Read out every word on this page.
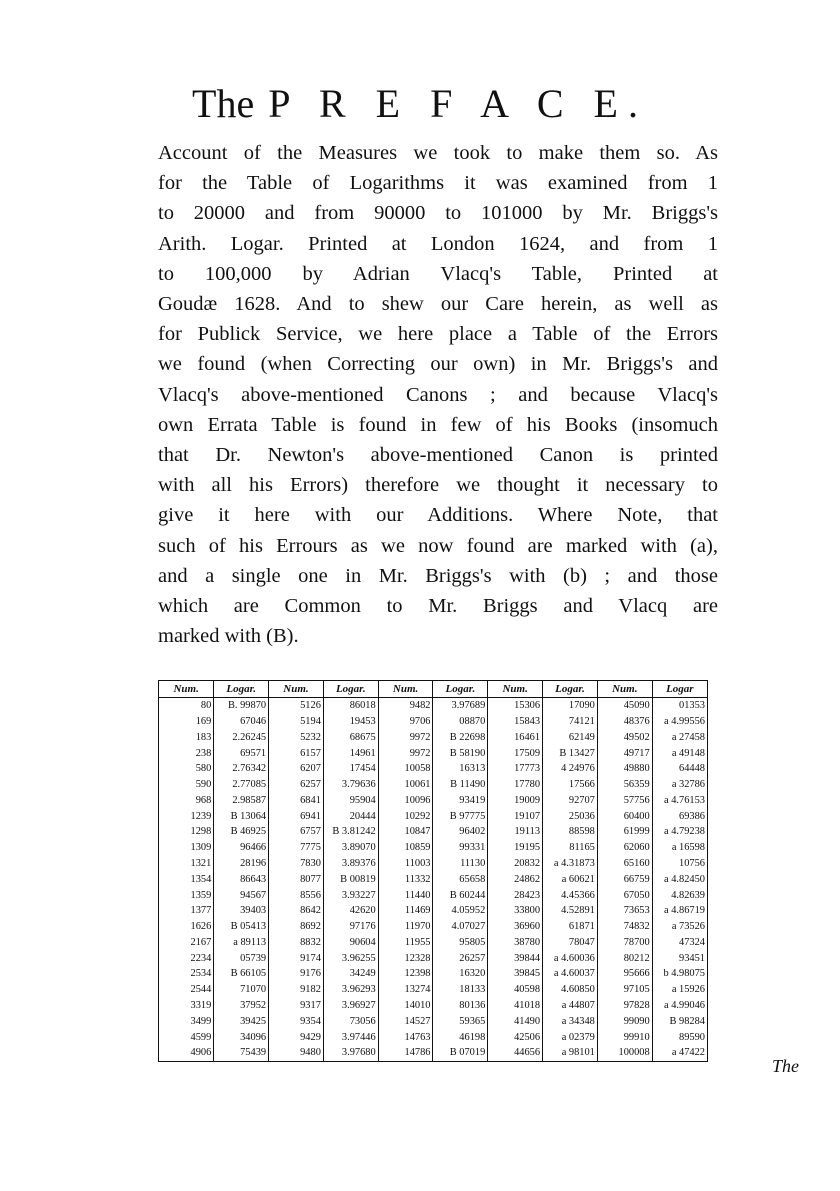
The P R E F A C E.
Account of the Measures we took to make them so. As
for the Table of Logarithms it was examined from 1
to 20000 and from 90000 to 101000 by Mr. Briggs's
Arith. Logar. Printed at London 1624, and from 1
to 100,000 by Adrian Vlacq's Table, Printed at
Goudæ 1628. And to shew our Care herein, as well as
for Publick Service, we here place a Table of the Errors
we found (when Correcting our own) in Mr. Briggs's and
Vlacq's above-mentioned Canons ; and because Vlacq's
own Errata Table is found in few of his Books (insomuch
that Dr. Newton's above-mentioned Canon is printed
with all his Errors) therefore we thought it necessary to
give it here with our Additions. Where Note, that
such of his Errours as we now found are marked with (a),
and a single one in Mr. Briggs's with (b) ; and those
which are Common to Mr. Briggs and Vlacq are
marked with (B).
Num.	Logar.	Num.	Logar.	Num.	Logar.	Num.	Logar.	Num.	Logar
80	B. 99870	5126	86018	9482	3.97689	15306	17090	45090	01353
169	67046	5194	19453	9706	08870	15843	74121	48376	a 4.99556
183	2.26245	5232	68675	9972	B 22698	16461	62149	49502	a 27458
238	69571	6157	14961	9972	B 58190	17509	B 13427	49717	a 49148
580	2.76342	6207	17454	10058	16313	17773	4 24976	49880	64448
590	2.77085	6257	3.79636	10061	B 11490	17780	17566	56359	a 32786
968	2.98587	6841	95904	10096	93419	19009	92707	57756	a 4.76153
1239	B 13064	6941	20444	10292	B 97775	19107	25036	60400	69386
1298	B 46925	6757	B 3.81242	10847	96402	19113	88598	61999	a 4.79238
1309	96466	7775	3.89070	10859	99331	19195	81165	62060	a 16598
1321	28196	7830	3.89376	11003	11130	20832	a 4.31873	65160	10756
1354	86643	8077	B 00819	11332	65658	24862	a 60621	66759	a 4.82450
1359	94567	8556	3.93227	11440	B 60244	28423	4.45366	67050	4.82639
1377	39403	8642	42620	11469	4.05952	33800	4.52891	73653	a 4.86719
1626	B 05413	8692	97176	11970	4.07027	36960	61871	74832	a 73526
2167	a 89113	8832	90604	11955	95805	38780	78047	78700	47324
2234	05739	9174	3.96255	12328	26257	39844	a 4.60036	80212	93451
2534	B 66105	9176	34249	12398	16320	39845	a 4.60037	95666	b 4.98075
2544	71070	9182	3.96293	13274	18133	40598	4.60850	97105	a 15926
3319	37952	9317	3.96927	14010	80136	41018	a 44807	97828	a 4.99046
3499	39425	9354	73056	14527	59365	41490	a 34348	99090	B 98284
4599	34096	9429	3.97446	14763	46198	42506	a 02379	99910	89590
4906	75439	9480	3.97680	14786	B 07019	44656	a 98101	100008	a 47422
The
